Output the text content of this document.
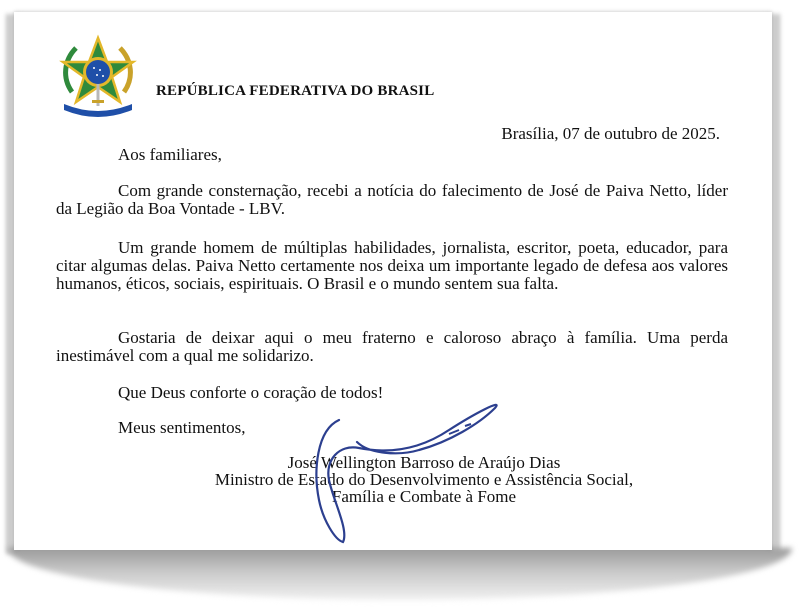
REPÚBLICA FEDERATIVA DO BRASIL
Brasília, 07 de outubro de 2025.
Aos familiares,

Com grande consternação, recebi a notícia do falecimento de José de Paiva Netto, líder da Legião da Boa Vontade - LBV.

Um grande homem de múltiplas habilidades, jornalista, escritor, poeta, educador, para citar algumas delas. Paiva Netto certamente nos deixa um importante legado de defesa aos valores humanos, éticos, sociais, espirituais. O Brasil e o mundo sentem sua falta.

Gostaria de deixar aqui o meu fraterno e caloroso abraço à família. Uma perda inestimável com a qual me solidarizo.

Que Deus conforte o coração de todos!
Meus sentimentos,
José Wellington Barroso de Araújo Dias
Ministro de Estado do Desenvolvimento e Assistência Social,
Família e Combate à Fome
